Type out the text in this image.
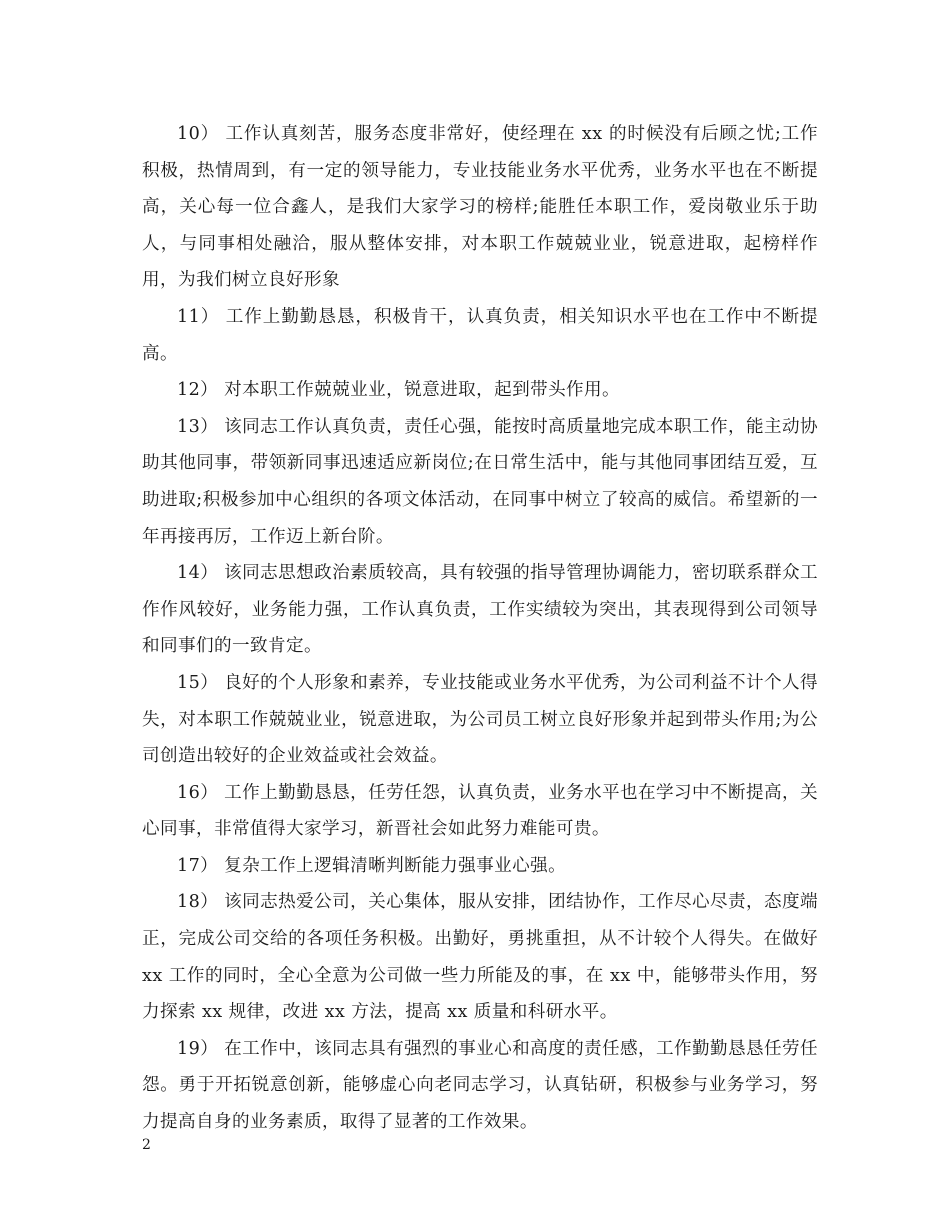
10） 工作认真刻苦，服务态度非常好，使经理在 xx 的时候没有后顾之忧;工作积极，热情周到，有一定的领导能力，专业技能业务水平优秀，业务水平也在不断提高，关心每一位合鑫人，是我们大家学习的榜样;能胜任本职工作，爱岗敬业乐于助人，与同事相处融洽，服从整体安排，对本职工作兢兢业业，锐意进取，起榜样作用，为我们树立良好形象

11） 工作上勤勤恳恳，积极肯干，认真负责，相关知识水平也在工作中不断提高。

12） 对本职工作兢兢业业，锐意进取，起到带头作用。

13） 该同志工作认真负责，责任心强，能按时高质量地完成本职工作，能主动协助其他同事，带领新同事迅速适应新岗位;在日常生活中，能与其他同事团结互爱，互助进取;积极参加中心组织的各项文体活动，在同事中树立了较高的威信。希望新的一年再接再厉，工作迈上新台阶。

14） 该同志思想政治素质较高，具有较强的指导管理协调能力，密切联系群众工作作风较好，业务能力强，工作认真负责，工作实绩较为突出，其表现得到公司领导和同事们的一致肯定。

15） 良好的个人形象和素养，专业技能或业务水平优秀，为公司利益不计个人得失，对本职工作兢兢业业，锐意进取，为公司员工树立良好形象并起到带头作用;为公司创造出较好的企业效益或社会效益。

16） 工作上勤勤恳恳，任劳任怨，认真负责，业务水平也在学习中不断提高，关心同事，非常值得大家学习，新晋社会如此努力难能可贵。

17） 复杂工作上逻辑清晰判断能力强事业心强。

18） 该同志热爱公司，关心集体，服从安排，团结协作，工作尽心尽责，态度端正，完成公司交给的各项任务积极。出勤好，勇挑重担，从不计较个人得失。在做好 xx 工作的同时，全心全意为公司做一些力所能及的事，在 xx 中，能够带头作用，努力探索 xx 规律，改进 xx 方法，提高 xx 质量和科研水平。

19） 在工作中，该同志具有强烈的事业心和高度的责任感，工作勤勤恳恳任劳任怨。勇于开拓锐意创新，能够虚心向老同志学习，认真钻研，积极参与业务学习，努力提高自身的业务素质，取得了显著的工作效果。

2
